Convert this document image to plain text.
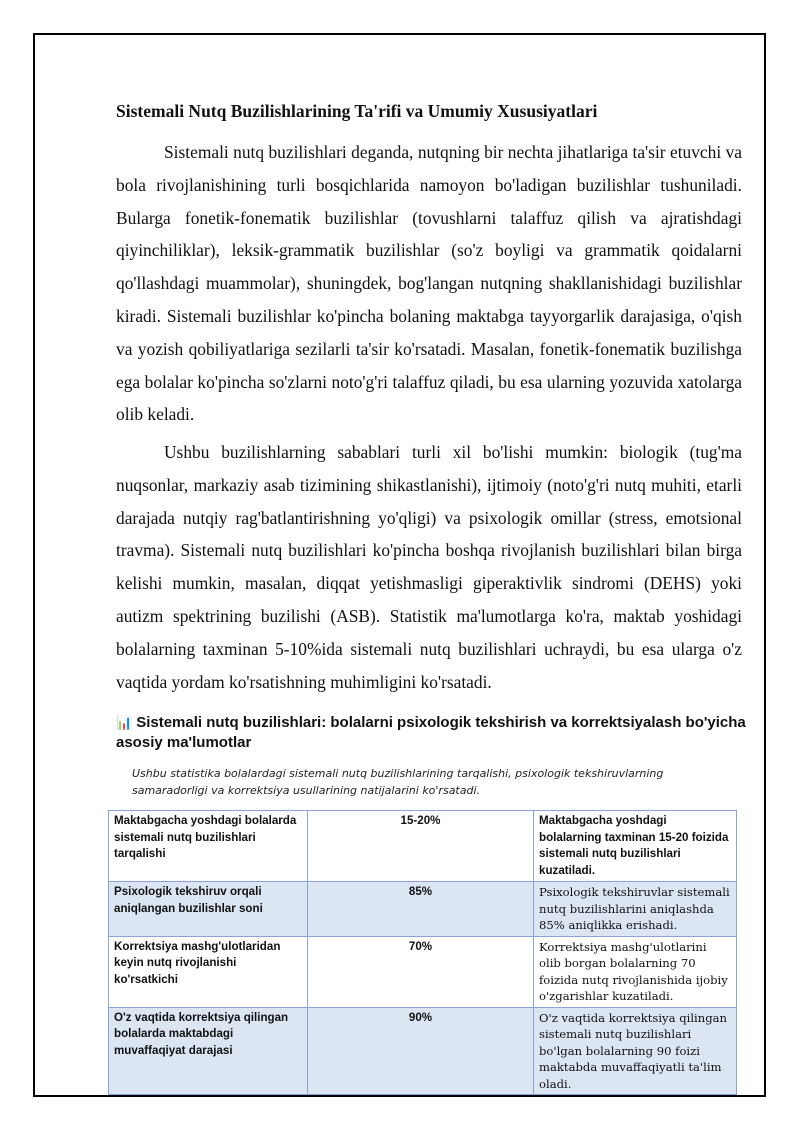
Sistemali Nutq Buzilishlarining Ta'rifi va Umumiy Xususiyatlari

Sistemali nutq buzilishlari deganda, nutqning bir nechta jihatlariga ta'sir etuvchi va bola rivojlanishining turli bosqichlarida namoyon bo'ladigan buzilishlar tushuniladi. Bularga fonetik-fonematik buzilishlar (tovushlarni talaffuz qilish va ajratishdagi qiyinchiliklar), leksik-grammatik buzilishlar (so'z boyligi va grammatik qoidalarni qo'llashdagi muammolar), shuningdek, bog'langan nutqning shakllanishidagi buzilishlar kiradi. Sistemali buzilishlar ko'pincha bolaning maktabga tayyorgarlik darajasiga, o'qish va yozish qobiliyatlariga sezilarli ta'sir ko'rsatadi. Masalan, fonetik-fonematik buzilishga ega bolalar ko'pincha so'zlarni noto'g'ri talaffuz qiladi, bu esa ularning yozuvida xatolarga olib keladi.

Ushbu buzilishlarning sabablari turli xil bo'lishi mumkin: biologik (tug'ma nuqsonlar, markaziy asab tizimining shikastlanishi), ijtimoiy (noto'g'ri nutq muhiti, etarli darajada nutqiy rag'batlantirishning yo'qligi) va psixologik omillar (stress, emotsional travma). Sistemali nutq buzilishlari ko'pincha boshqa rivojlanish buzilishlari bilan birga kelishi mumkin, masalan, diqqat yetishmasligi giperaktivlik sindromi (DEHS) yoki autizm spektrining buzilishi (ASB). Statistik ma'lumotlarga ko'ra, maktab yoshidagi bolalarning taxminan 5-10%ida sistemali nutq buzilishlari uchraydi, bu esa ularga o'z vaqtida yordam ko'rsatishning muhimligini ko'rsatadi.

📊 Sistemali nutq buzilishlari: bolalarni psixologik tekshirish va korrektsiyalash bo'yicha asosiy ma'lumotlar
Ushbu statistika bolalardagi sistemali nutq buzilishlarining tarqalishi, psixologik tekshiruvlarning samaradorligi va korrektsiya usullarining natijalarini ko'rsatadi.
Maktabgacha yoshdagi bolalarda sistemali nutq buzilishlari tarqalishi	15-20%	Maktabgacha yoshdagi bolalarning taxminan 15-20 foizida sistemali nutq buzilishlari kuzatiladi.
Psixologik tekshiruv orqali aniqlangan buzilishlar soni	85%	Psixologik tekshiruvlar sistemali nutq buzilishlarini aniqlashda 85% aniqlikka erishadi.
Korrektsiya mashg'ulotlaridan keyin nutq rivojlanishi ko'rsatkichi	70%	Korrektsiya mashg'ulotlarini olib borgan bolalarning 70 foizida nutq rivojlanishida ijobiy o'zgarishlar kuzatiladi.
O'z vaqtida korrektsiya qilingan bolalarda maktabdagi muvaffaqiyat darajasi	90%	O'z vaqtida korrektsiya qilingan sistemali nutq buzilishlari bo'lgan bolalarning 90 foizi maktabda muvaffaqiyatli ta'lim oladi.
